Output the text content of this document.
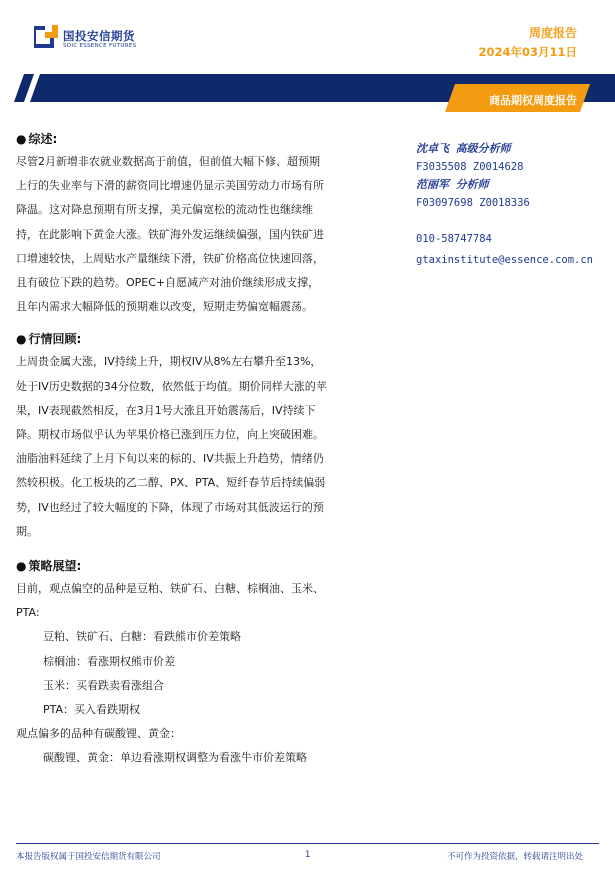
国投安信期货
SDIC ESSENCE FUTURES
周度报告
2024年03月11日
商品期权周度报告
● 综述:
尽管2月新增非农就业数据高于前值，但前值大幅下修、超预期
上行的失业率与下滑的薪资同比增速仍显示美国劳动力市场有所
降温。这对降息预期有所支撑，美元偏宽松的流动性也继续维
持，在此影响下黄金大涨。铁矿海外发运继续偏强，国内铁矿进
口增速较快，上周贴水产量继续下滑，铁矿价格高位快速回落，
且有破位下跌的趋势。OPEC+自愿减产对油价继续形成支撑，
且年内需求大幅降低的预期难以改变，短期走势偏宽幅震荡。
● 行情回顾:
上周贵金属大涨，IV持续上升，期权IV从8%左右攀升至13%，
处于IV历史数据的34分位数，依然低于均值。期价同样大涨的苹
果，IV表现截然相反，在3月1号大涨且开始震荡后，IV持续下
降。期权市场似乎认为苹果价格已涨到压力位，向上突破困难。
油脂油料延续了上月下旬以来的标的、IV共振上升趋势，情绪仍
然较积极。化工板块的乙二醇、PX、PTA、短纤春节后持续偏弱
势，IV也经过了较大幅度的下降，体现了市场对其低波运行的预
期。
● 策略展望:
目前，观点偏空的品种是豆粕、铁矿石、白糖、棕榈油、玉米、
PTA:
豆粕、铁矿石、白糖：看跌熊市价差策略
棕榈油：看涨期权熊市价差
玉米：买看跌卖看涨组合
PTA：买入看跌期权
观点偏多的品种有碳酸锂、黄金：
碳酸锂、黄金：单边看涨期权调整为看涨牛市价差策略
沈卓飞 高级分析师
F3035508 Z0014628
范丽军 分析师
F03097698 Z0018336
010-58747784
gtaxinstitute@essence.com.cn
本报告版权属于国投安信期货有限公司	1	不可作为投资依据，转载请注明出处
